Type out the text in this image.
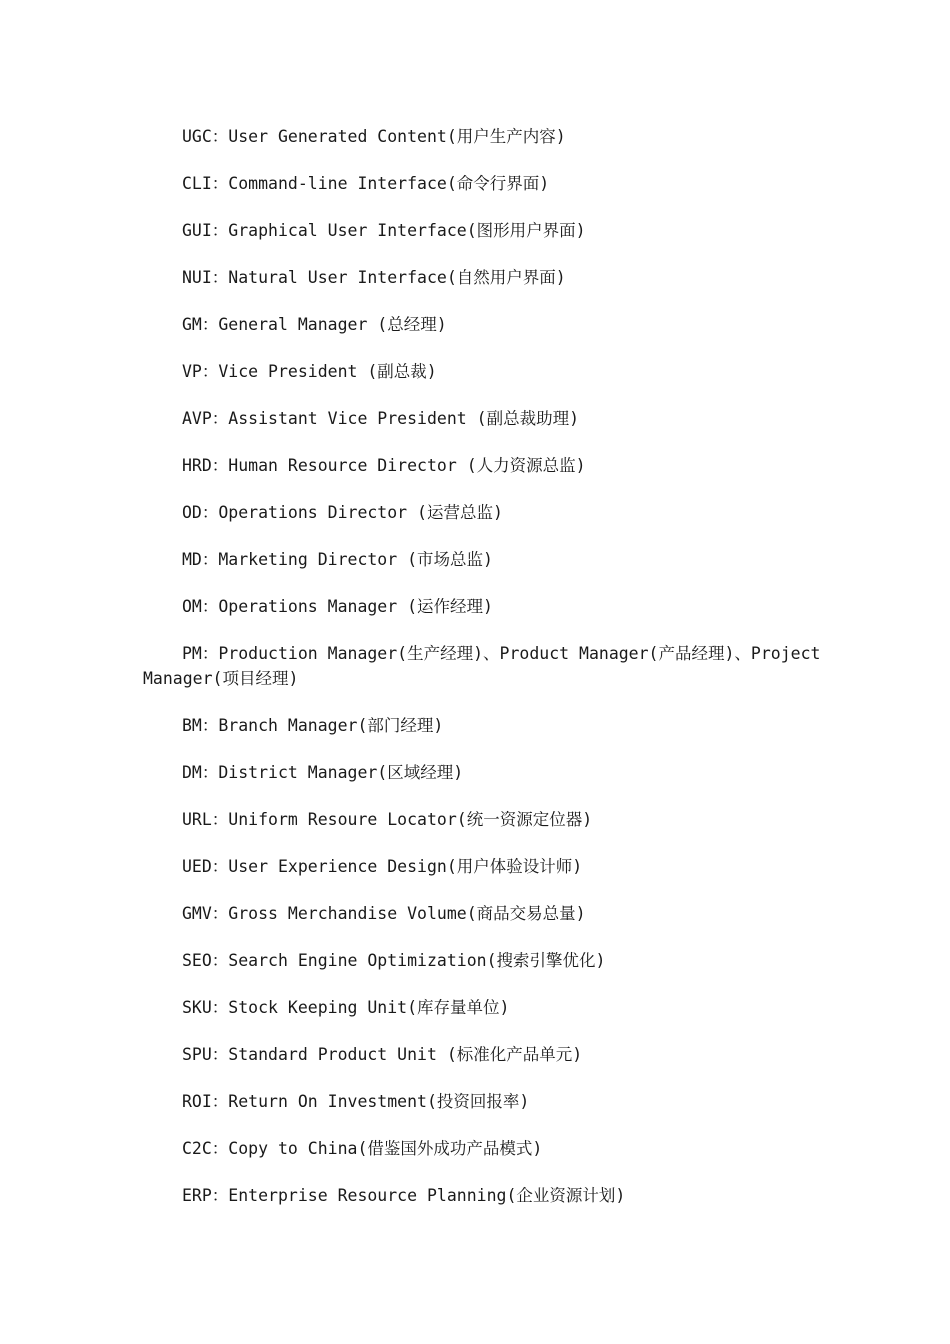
UGC：User Generated Content(用户生产内容)

CLI：Command-line Interface(命令行界面)

GUI：Graphical User Interface(图形用户界面)

NUI：Natural User Interface(自然用户界面)

GM：General Manager (总经理)

VP：Vice President (副总裁)

AVP：Assistant Vice President (副总裁助理)

HRD：Human Resource Director (人力资源总监)

OD：Operations Director (运营总监)

MD：Marketing Director (市场总监)

OM：Operations Manager (运作经理)

PM：Production Manager(生产经理)、Product Manager(产品经理)、Project Manager(项目经理)

BM：Branch Manager(部门经理)

DM：District Manager(区域经理)

URL：Uniform Resoure Locator(统一资源定位器)

UED：User Experience Design(用户体验设计师)

GMV：Gross Merchandise Volume(商品交易总量)

SEO：Search Engine Optimization(搜索引擎优化)

SKU：Stock Keeping Unit(库存量单位)

SPU：Standard Product Unit (标准化产品单元)

ROI：Return On Investment(投资回报率)

C2C：Copy to China(借鉴国外成功产品模式)

ERP：Enterprise Resource Planning(企业资源计划)
